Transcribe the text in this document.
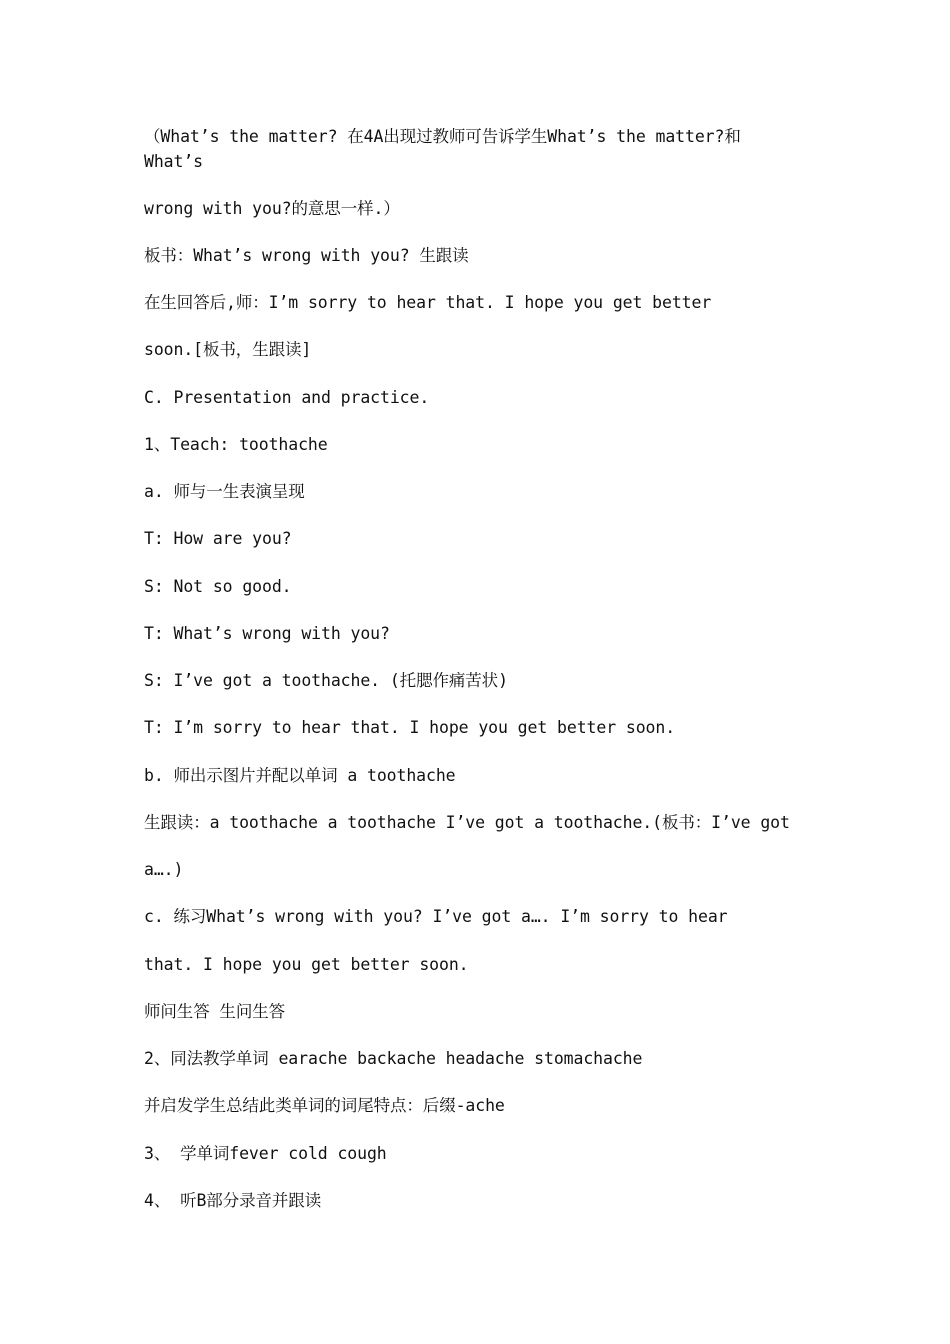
（What’s the matter? 在4A出现过教师可告诉学生What’s the matter?和
What’s
wrong with you?的意思一样.）
板书：What’s wrong with you? 生跟读
在生回答后,师：I’m sorry to hear that. I hope you get better
soon.[板书，生跟读]
C. Presentation and practice.
1、Teach: toothache
a. 师与一生表演呈现
T: How are you?
S: Not so good.
T: What’s wrong with you?
S: I’ve got a toothache. (托腮作痛苦状)
T: I’m sorry to hear that. I hope you get better soon.
b. 师出示图片并配以单词 a toothache
生跟读：a toothache a toothache I’ve got a toothache.(板书：I’ve got
a….)
c. 练习What’s wrong with you? I’ve got a…. I’m sorry to hear
that. I hope you get better soon.
师问生答 生问生答
2、同法教学单词 earache backache headache stomachache
并启发学生总结此类单词的词尾特点：后缀-ache
3、 学单词fever cold cough
4、 听B部分录音并跟读
